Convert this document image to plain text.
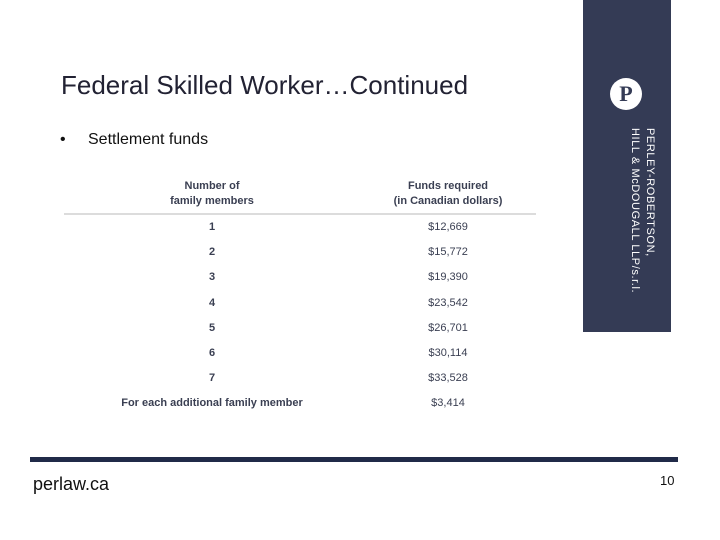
Federal Skilled Worker…Continued
• Settlement funds
P
PERLEY-ROBERTSON,
HILL & McDOUGALL LLP/s.r.l.
Number of
family members
Funds required
(in Canadian dollars)
1	$12,669
2	$15,772
3	$19,390
4	$23,542
5	$26,701
6	$30,114
7	$33,528
For each additional family member	$3,414
perlaw.ca	10
